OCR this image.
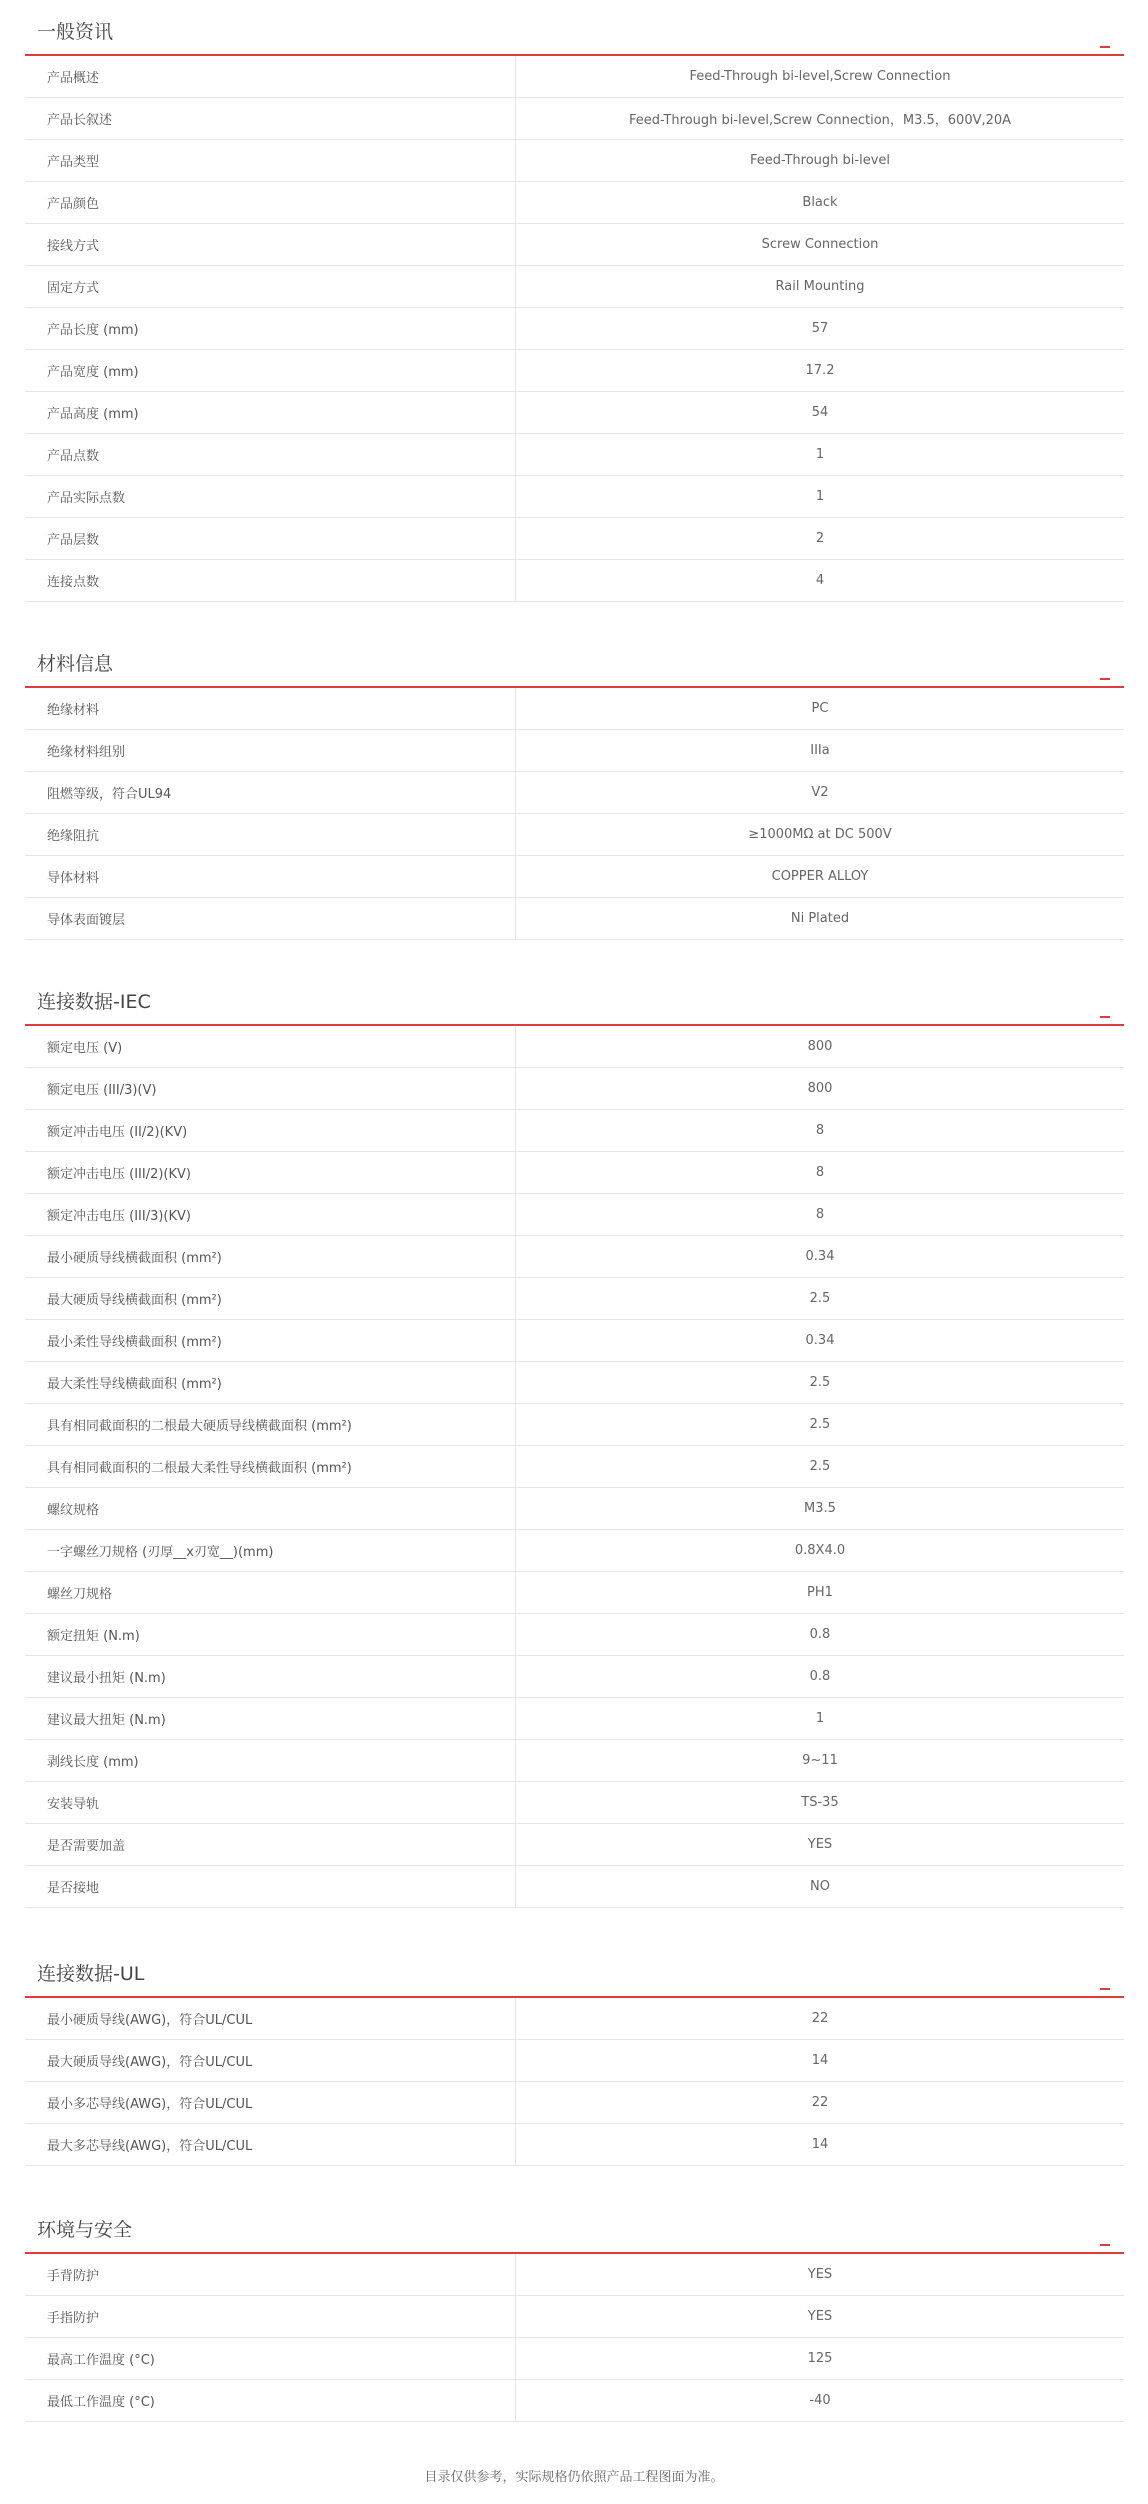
一般资讯
产品概述	Feed-Through bi-level,Screw Connection
产品长叙述	Feed-Through bi-level,Screw Connection，M3.5，600V,20A
产品类型	Feed-Through bi-level
产品颜色	Black
接线方式	Screw Connection
固定方式	Rail Mounting
产品长度 (mm)	57
产品宽度 (mm)	17.2
产品高度 (mm)	54
产品点数	1
产品实际点数	1
产品层数	2
连接点数	4
材料信息
绝缘材料	PC
绝缘材料组别	IIIa
阻燃等级，符合UL94	V2
绝缘阻抗	≥1000MΩ at DC 500V
导体材料	COPPER ALLOY
导体表面镀层	Ni Plated
连接数据-IEC
额定电压 (V)	800
额定电压 (III/3)(V)	800
额定冲击电压 (II/2)(KV)	8
额定冲击电压 (III/2)(KV)	8
额定冲击电压 (III/3)(KV)	8
最小硬质导线横截面积 (mm²)	0.34
最大硬质导线横截面积 (mm²)	2.5
最小柔性导线横截面积 (mm²)	0.34
最大柔性导线横截面积 (mm²)	2.5
具有相同截面积的二根最大硬质导线横截面积 (mm²)	2.5
具有相同截面积的二根最大柔性导线横截面积 (mm²)	2.5
螺纹规格	M3.5
一字螺丝刀规格 (刃厚__x刃宽__)(mm)	0.8X4.0
螺丝刀规格	PH1
额定扭矩 (N.m)	0.8
建议最小扭矩 (N.m)	0.8
建议最大扭矩 (N.m)	1
剥线长度 (mm)	9~11
安装导轨	TS-35
是否需要加盖	YES
是否接地	NO
连接数据-UL
最小硬质导线(AWG)，符合UL/CUL	22
最大硬质导线(AWG)，符合UL/CUL	14
最小多芯导线(AWG)，符合UL/CUL	22
最大多芯导线(AWG)，符合UL/CUL	14
环境与安全
手背防护	YES
手指防护	YES
最高工作温度 (°C)	125
最低工作温度 (°C)	-40
目录仅供参考，实际规格仍依照产品工程图面为准。
